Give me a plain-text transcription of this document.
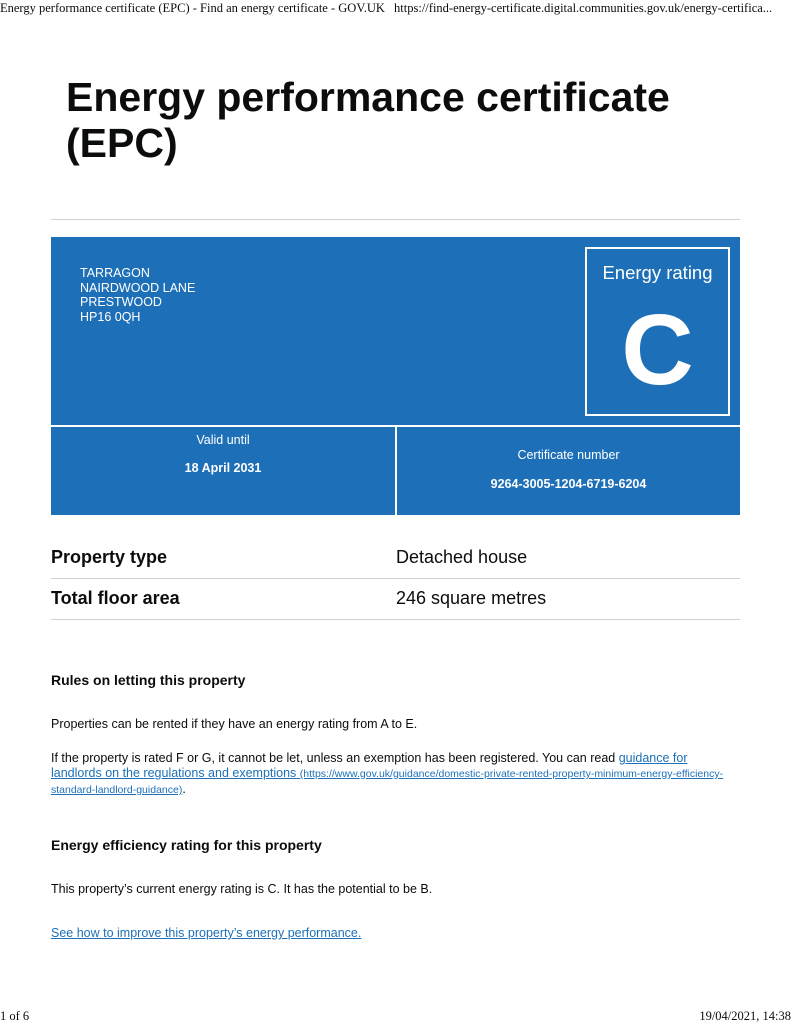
Energy performance certificate (EPC) - Find an energy certificate - GOV.UK https://find-energy-certificate.digital.communities.gov.uk/energy-certifica...
Energy performance certificate (EPC)
TARRAGON
NAIRDWOOD LANE
PRESTWOOD
HP16 0QH
Energy rating
C
Valid until
18 April 2031
Certificate number
9264-3005-1204-6719-6204
Property type	Detached house
Total floor area	246 square metres
Rules on letting this property

Properties can be rented if they have an energy rating from A to E.

If the property is rated F or G, it cannot be let, unless an exemption has been registered. You can read guidance for landlords on the regulations and exemptions (https://www.gov.uk/guidance/domestic-private-rented-property-minimum-energy-efficiency-standard-landlord-guidance).

Energy efficiency rating for this property

This property’s current energy rating is C. It has the potential to be B.

See how to improve this property’s energy performance.

1 of 6	19/04/2021, 14:38
